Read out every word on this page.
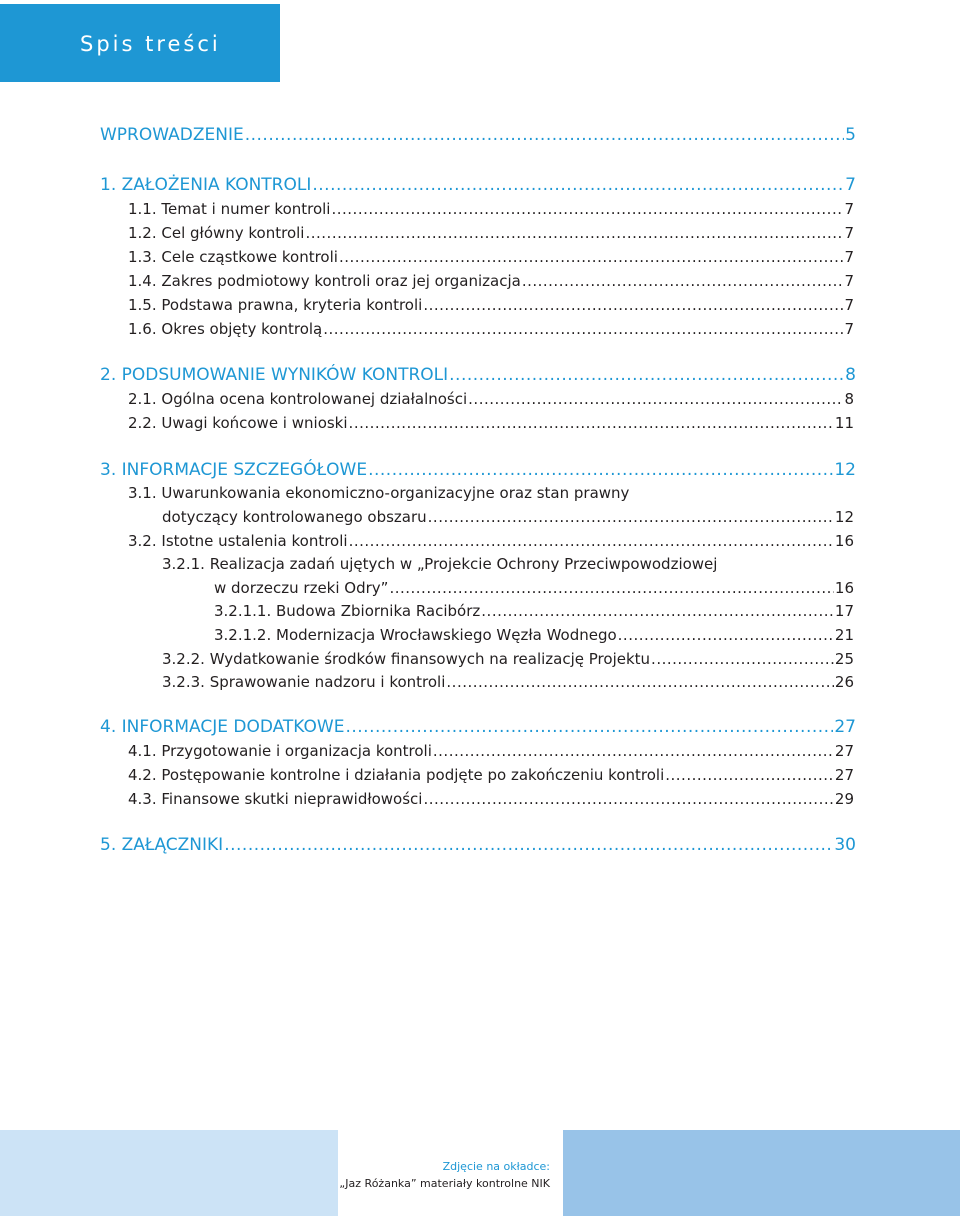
Spis treści
WPROWADZENIE .....	5
1. ZAŁOŻENIA KONTROLI .....	7
1.1. Temat i numer kontroli .....	7
1.2. Cel główny kontroli .....	7
1.3. Cele cząstkowe kontroli .....	7
1.4. Zakres podmiotowy kontroli oraz jej organizacja .....	7
1.5. Podstawa prawna, kryteria kontroli .....	7
1.6. Okres objęty kontrolą .....	7
2. PODSUMOWANIE WYNIKÓW KONTROLI .....	8
2.1. Ogólna ocena kontrolowanej działalności .....	8
2.2. Uwagi końcowe i wnioski .....	11
3. INFORMACJE SZCZEGÓŁOWE .....	12
3.1. Uwarunkowania ekonomiczno-organizacyjne oraz stan prawny
dotyczący kontrolowanego obszaru .....	12
3.2. Istotne ustalenia kontroli .....	16
3.2.1. Realizacja zadań ujętych w „Projekcie Ochrony Przeciwpowodziowej
w dorzeczu rzeki Odry” .....	16
3.2.1.1. Budowa Zbiornika Racibórz .....	17
3.2.1.2. Modernizacja Wrocławskiego Węzła Wodnego .....	21
3.2.2. Wydatkowanie środków finansowych na realizację Projektu .....	25
3.2.3. Sprawowanie nadzoru i kontroli .....	26
4. INFORMACJE DODATKOWE .....	27
4.1. Przygotowanie i organizacja kontroli .....	27
4.2. Postępowanie kontrolne i działania podjęte po zakończeniu kontroli .....	27
4.3. Finansowe skutki nieprawidłowości .....	29
5. ZAŁĄCZNIKI .....	30
Zdjęcie na okładce:
„Jaz Różanka” materiały kontrolne NIK
